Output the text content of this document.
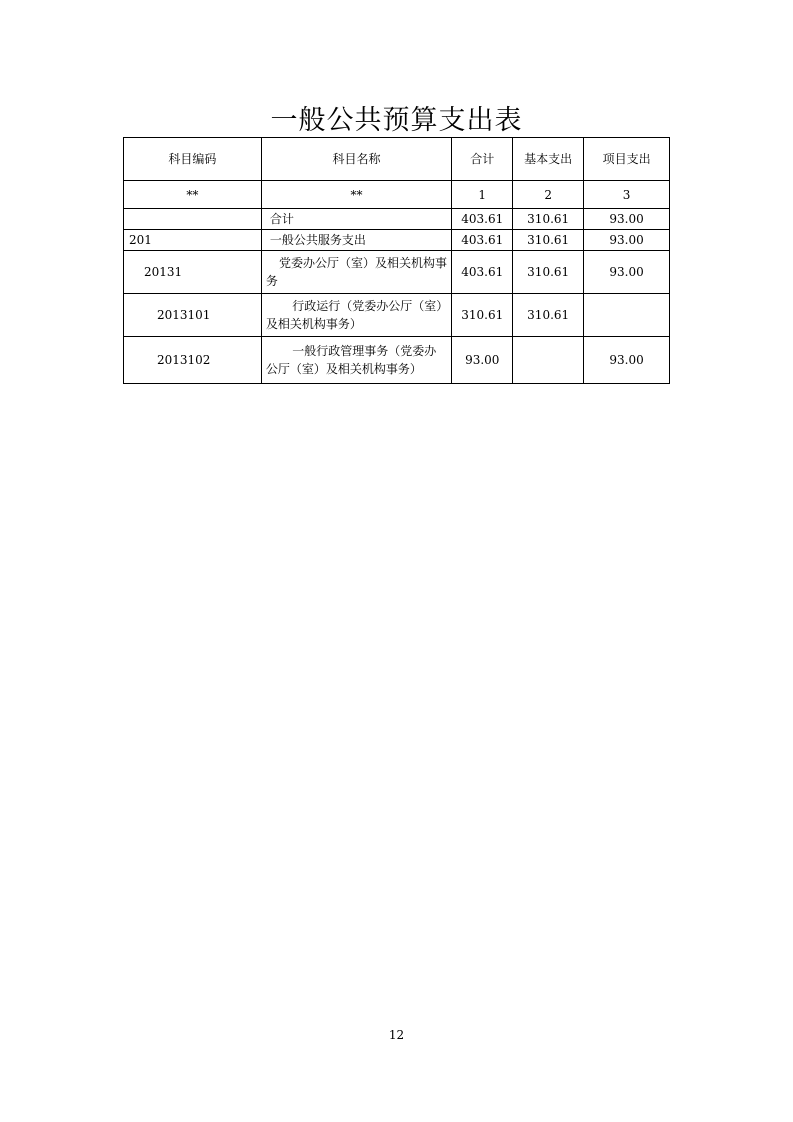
一般公共预算支出表
科目编码	科目名称	合计	基本支出	项目支出
**	**	1	2	3
	合计	403.61	310.61	93.00
201	一般公共服务支出	403.61	310.61	93.00
20131	党委办公厅（室）及相关机构事务	403.61	310.61	93.00
2013101	行政运行（党委办公厅（室）及相关机构事务）	310.61	310.61	
2013102	一般行政管理事务（党委办公厅（室）及相关机构事务）	93.00		93.00
12
